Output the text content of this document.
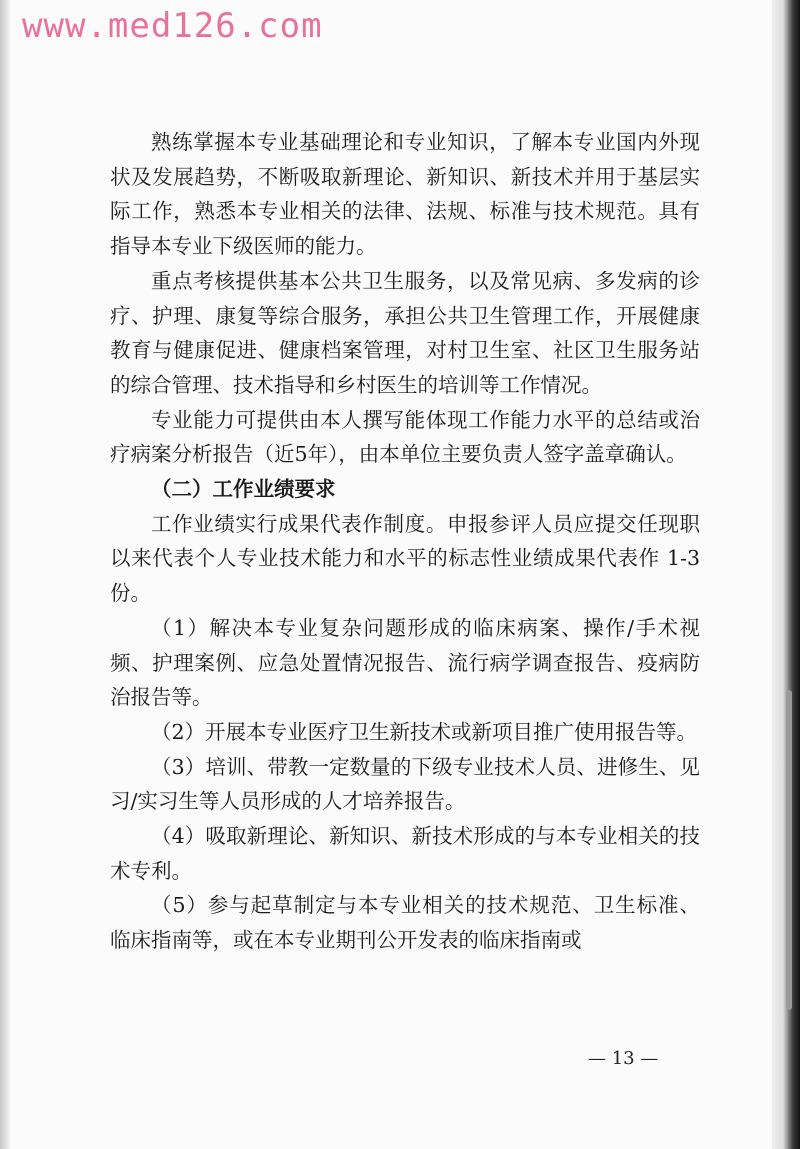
www.med126.com

熟练掌握本专业基础理论和专业知识，了解本专业国内外现状及发展趋势，不断吸取新理论、新知识、新技术并用于基层实际工作，熟悉本专业相关的法律、法规、标准与技术规范。具有指导本专业下级医师的能力。

重点考核提供基本公共卫生服务，以及常见病、多发病的诊疗、护理、康复等综合服务，承担公共卫生管理工作，开展健康教育与健康促进、健康档案管理，对村卫生室、社区卫生服务站的综合管理、技术指导和乡村医生的培训等工作情况。

专业能力可提供由本人撰写能体现工作能力水平的总结或治疗病案分析报告（近5年），由本单位主要负责人签字盖章确认。

（二）工作业绩要求

工作业绩实行成果代表作制度。申报参评人员应提交任现职以来代表个人专业技术能力和水平的标志性业绩成果代表作 1-3 份。

（1）解决本专业复杂问题形成的临床病案、操作/手术视频、护理案例、应急处置情况报告、流行病学调查报告、疫病防治报告等。

（2）开展本专业医疗卫生新技术或新项目推广使用报告等。

（3）培训、带教一定数量的下级专业技术人员、进修生、见习/实习生等人员形成的人才培养报告。

（4）吸取新理论、新知识、新技术形成的与本专业相关的技术专利。

（5）参与起草制定与本专业相关的技术规范、卫生标准、 临床指南等，或在本专业期刊公开发表的临床指南或

— 13 —
